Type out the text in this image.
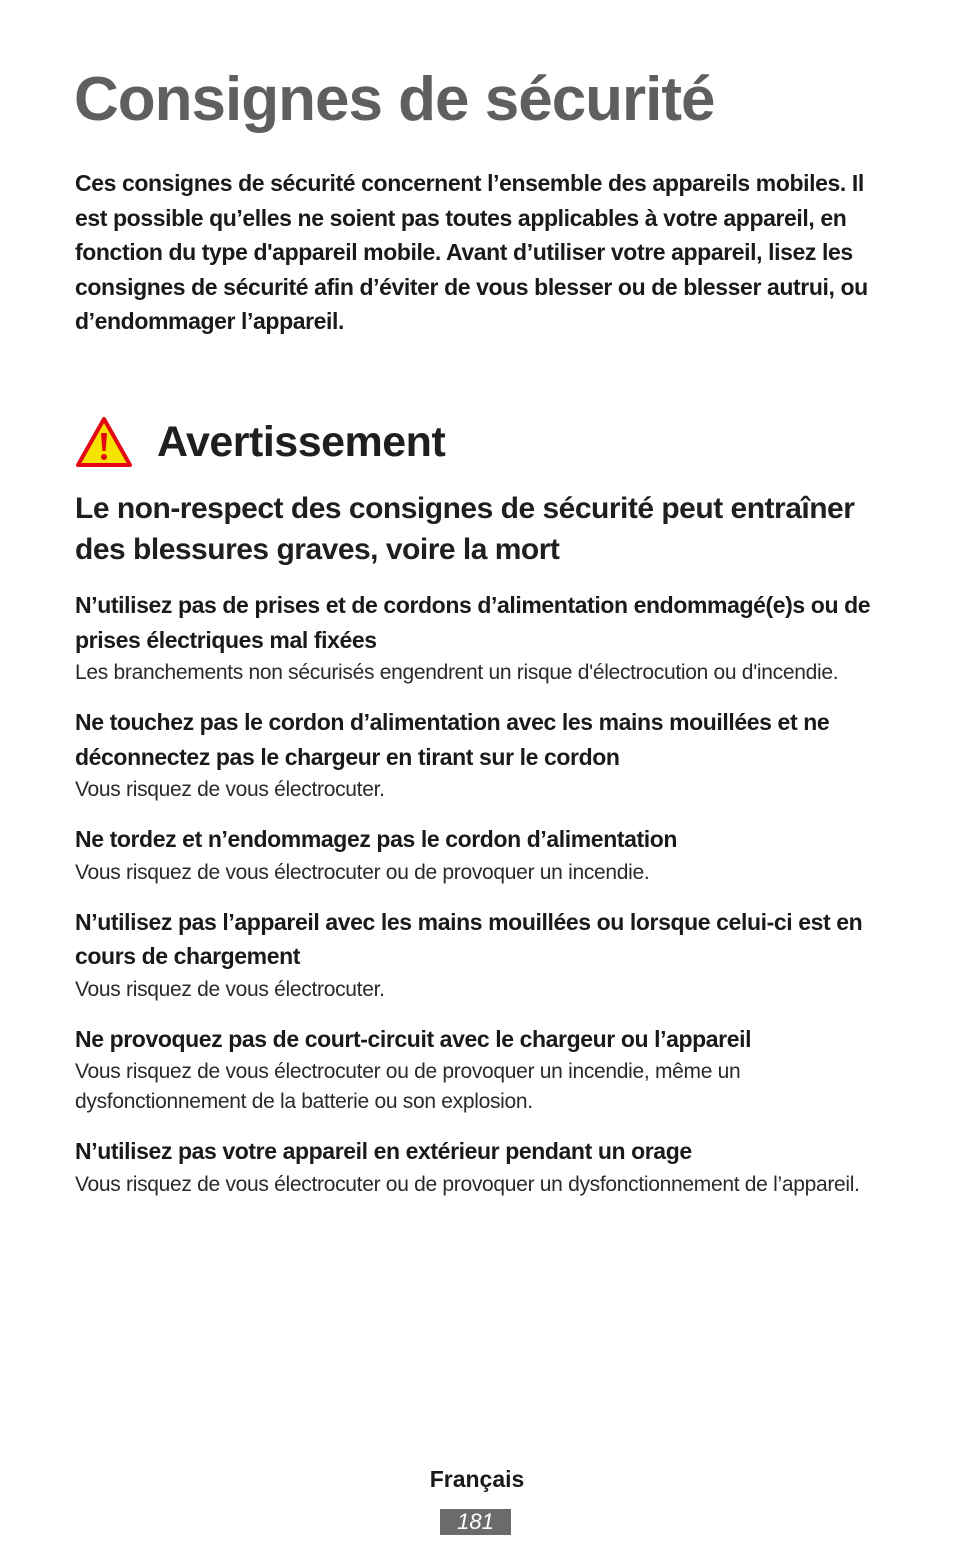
Consignes de sécurité

Ces consignes de sécurité concernent l’ensemble des appareils mobiles. Il est possible qu’elles ne soient pas toutes applicables à votre appareil, en fonction du type d'appareil mobile. Avant d’utiliser votre appareil, lisez les consignes de sécurité afin d’éviter de vous blesser ou de blesser autrui, ou d’endommager l’appareil.

Avertissement
Le non-respect des consignes de sécurité peut entraîner des blessures graves, voire la mort

N’utilisez pas de prises et de cordons d’alimentation endommagé(e)s ou de prises électriques mal fixées

Les branchements non sécurisés engendrent un risque d'électrocution ou d'incendie.

Ne touchez pas le cordon d’alimentation avec les mains mouillées et ne déconnectez pas le chargeur en tirant sur le cordon

Vous risquez de vous électrocuter.

Ne tordez et n’endommagez pas le cordon d’alimentation

Vous risquez de vous électrocuter ou de provoquer un incendie.

N’utilisez pas l’appareil avec les mains mouillées ou lorsque celui-ci est en cours de chargement

Vous risquez de vous électrocuter.

Ne provoquez pas de court-circuit avec le chargeur ou l’appareil

Vous risquez de vous électrocuter ou de provoquer un incendie, même un dysfonctionnement de la batterie ou son explosion.

N’utilisez pas votre appareil en extérieur pendant un orage

Vous risquez de vous électrocuter ou de provoquer un dysfonctionnement de l’appareil.

Français
181
